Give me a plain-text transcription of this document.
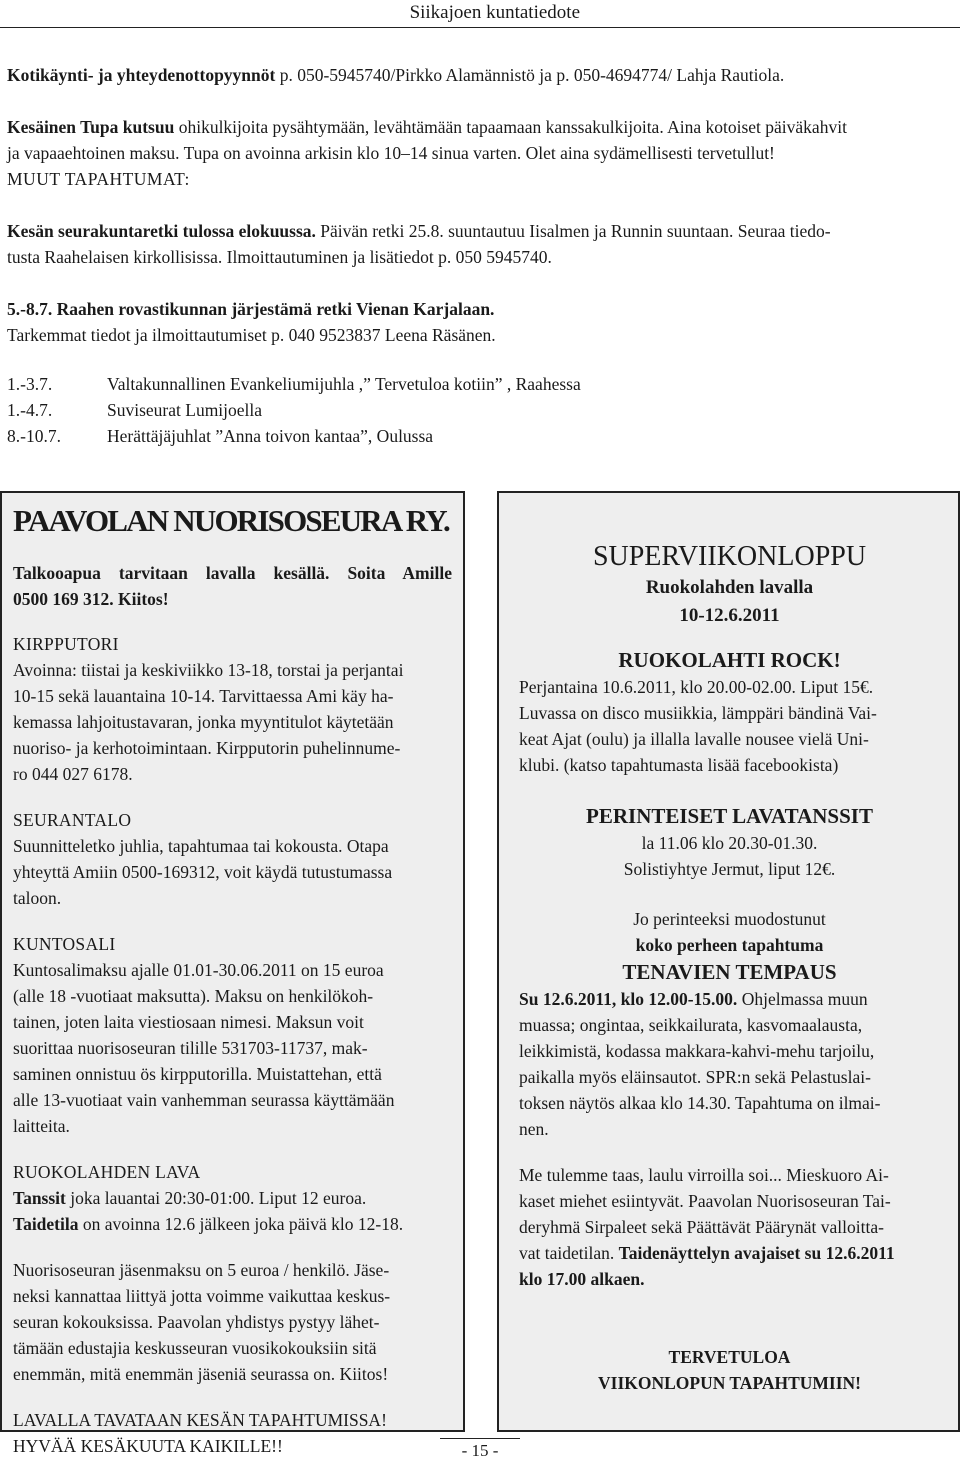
Siikajoen kuntatiedote

Kotikäynti- ja yhteydenottopyynnöt p. 050-5945740/Pirkko Alamännistö ja p. 050-4694774/ Lahja Rautiola.

Kesäinen Tupa kutsuu ohikulkijoita pysähtymään, levähtämään tapaamaan kanssakulkijoita. Aina kotoiset päiväkahvit

ja vapaaehtoinen maksu. Tupa on avoinna arkisin klo 10–14 sinua varten. Olet aina sydämellisesti tervetullut!

MUUT TAPAHTUMAT:

Kesän seurakuntaretki tulossa elokuussa. Päivän retki 25.8. suuntautuu Iisalmen ja Runnin suuntaan. Seuraa tiedo-

tusta Raahelaisen kirkollisissa. Ilmoittautuminen ja lisätiedot p. 050 5945740.

5.-8.7. Raahen rovastikunnan järjestämä retki Vienan Karjalaan.

Tarkemmat tiedot ja ilmoittautumiset p. 040 9523837 Leena Räsänen.

1.-3.7.	Valtakunnallinen Evankeliumijuhla ,” Tervetuloa kotiin” , Raahessa
1.-4.7.	Suviseurat Lumijoella
8.-10.7.	Herättäjäjuhlat ”Anna toivon kantaa”, Oulussa

PAAVOLAN NUORISOSEURA RY.

Talkooapua tarvitaan lavalla kesällä. Soita Amille

0500 169 312. Kiitos!

KIRPPUTORI

Avoinna: tiistai ja keskiviikko 13-18, torstai ja perjantai

10-15 sekä lauantaina 10-14. Tarvittaessa Ami käy ha-

kemassa lahjoitustavaran, jonka myyntitulot käytetään

nuoriso- ja kerhotoimintaan. Kirpputorin puhelinnume-

ro 044 027 6178.

SEURANTALO

Suunnitteletko juhlia, tapahtumaa tai kokousta. Otapa

yhteyttä Amiin 0500-169312, voit käydä tutustumassa

taloon.

KUNTOSALI

Kuntosalimaksu ajalle 01.01-30.06.2011 on 15 euroa

(alle 18 -vuotiaat maksutta). Maksu on henkilökoh-

tainen, joten laita viestiosaan nimesi. Maksun voit

suorittaa nuorisoseuran tilille 531703-11737, mak-

saminen onnistuu ös kirpputorilla. Muistattehan, että

alle 13-vuotiaat vain vanhemman seurassa käyttämään

laitteita.

RUOKOLAHDEN LAVA

Tanssit joka lauantai 20:30-01:00. Liput 12 euroa.

Taidetila on avoinna 12.6 jälkeen joka päivä klo 12-18.

Nuorisoseuran jäsenmaksu on 5 euroa / henkilö. Jäse-

neksi kannattaa liittyä jotta voimme vaikuttaa keskus-

seuran kokouksissa. Paavolan yhdistys pystyy lähet-

tämään edustajia keskusseuran vuosikokouksiin sitä

enemmän, mitä enemmän jäseniä seurassa on. Kiitos!

LAVALLA TAVATAAN KESÄN TAPAHTUMISSA!

HYVÄÄ KESÄKUUTA KAIKILLE!!

SUPERVIIKONLOPPU

Ruokolahden lavalla

10-12.6.2011

RUOKOLAHTI ROCK!

Perjantaina 10.6.2011, klo 20.00-02.00. Liput 15€.

Luvassa on disco musiikkia, lämppäri bändinä Vai-

keat Ajat (oulu) ja illalla lavalle nousee vielä Uni-

klubi. (katso tapahtumasta lisää facebookista)

PERINTEISET LAVATANSSIT

la 11.06 klo 20.30-01.30.

Solistiyhtye Jermut, liput 12€.

Jo perinteeksi muodostunut

koko perheen tapahtuma

TENAVIEN TEMPAUS

Su 12.6.2011, klo 12.00-15.00. Ohjelmassa muun

muassa; ongintaa, seikkailurata, kasvomaalausta,

leikkimistä, kodassa makkara-kahvi-mehu tarjoilu,

paikalla myös eläinsautot. SPR:n sekä Pelastuslai-

toksen näytös alkaa klo 14.30. Tapahtuma on ilmai-

nen.

Me tulemme taas, laulu virroilla soi... Mieskuoro Ai-

kaset miehet esiintyvät. Paavolan Nuorisoseuran Tai-

deryhmä Sirpaleet sekä Päättävät Päärynät valloitta-

vat taidetilan. Taidenäyttelyn avajaiset su 12.6.2011

klo 17.00 alkaen.

TERVETULOA

VIIKONLOPUN TAPAHTUMIIN!

- 15 -
